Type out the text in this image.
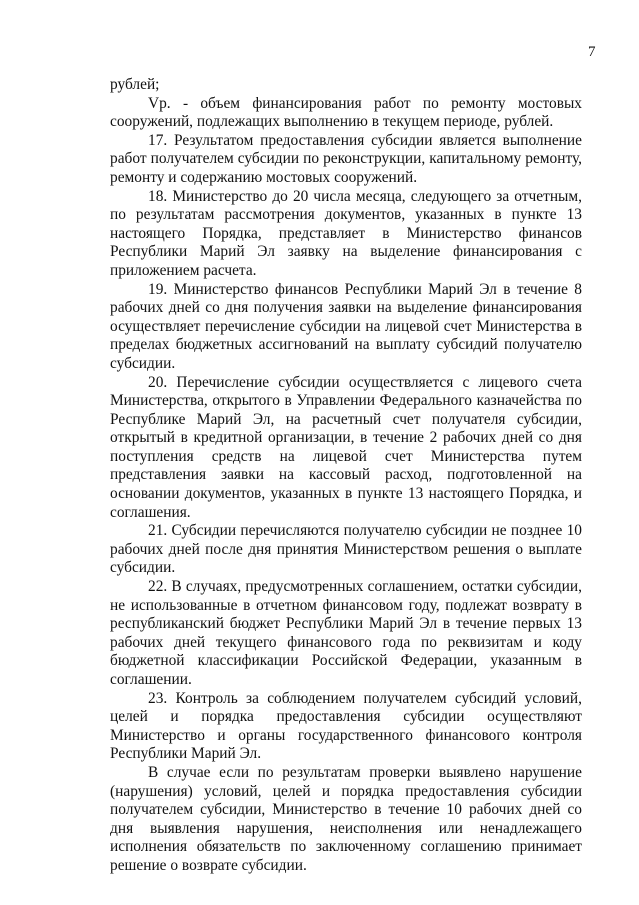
7

рублей;

Vр. - объем финансирования работ по ремонту мостовых сооружений, подлежащих выполнению в текущем периоде, рублей.

17. Результатом предоставления субсидии является выполнение работ получателем субсидии по реконструкции, капитальному ремонту, ремонту и содержанию мостовых сооружений.

18. Министерство до 20 числа месяца, следующего за отчетным, по результатам рассмотрения документов, указанных в пункте 13 настоящего Порядка, представляет в Министерство финансов Республики Марий Эл заявку на выделение финансирования с приложением расчета.

19. Министерство финансов Республики Марий Эл в течение 8 рабочих дней со дня получения заявки на выделение финансирования осуществляет перечисление субсидии на лицевой счет Министерства в пределах бюджетных ассигнований на выплату субсидий получателю субсидии.

20. Перечисление субсидии осуществляется с лицевого счета Министерства, открытого в Управлении Федерального казначейства по Республике Марий Эл, на расчетный счет получателя субсидии, открытый в кредитной организации, в течение 2 рабочих дней со дня поступления средств на лицевой счет Министерства путем представления заявки на кассовый расход, подготовленной на основании документов, указанных в пункте 13 настоящего Порядка, и соглашения.

21. Субсидии перечисляются получателю субсидии не позднее 10 рабочих дней после дня принятия Министерством решения о выплате субсидии.

22. В случаях, предусмотренных соглашением, остатки субсидии, не использованные в отчетном финансовом году, подлежат возврату в республиканский бюджет Республики Марий Эл в течение первых 13 рабочих дней текущего финансового года по реквизитам и коду бюджетной классификации Российской Федерации, указанным в соглашении.

23. Контроль за соблюдением получателем субсидий условий, целей и порядка предоставления субсидии осуществляют Министерство и органы государственного финансового контроля Республики Марий Эл.

В случае если по результатам проверки выявлено нарушение (нарушения) условий, целей и порядка предоставления субсидии получателем субсидии, Министерство в течение 10 рабочих дней со дня выявления нарушения, неисполнения или ненадлежащего исполнения обязательств по заключенному соглашению принимает решение о возврате субсидии.
